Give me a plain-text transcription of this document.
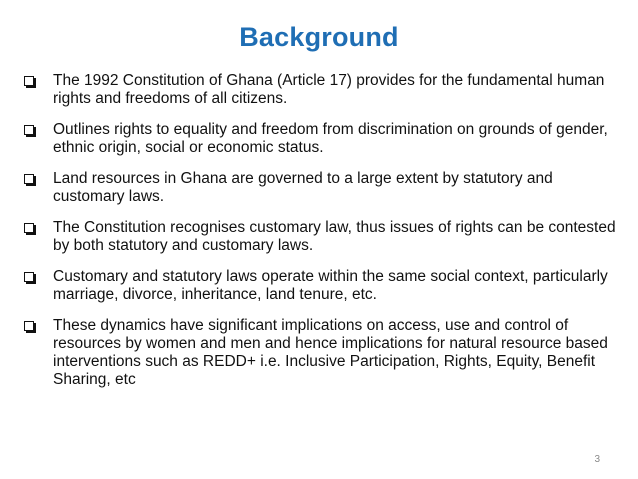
Background
The 1992 Constitution of Ghana (Article 17) provides for the fundamental human rights and freedoms of all citizens.
Outlines rights to equality and freedom from discrimination on grounds of gender, ethnic origin, social or economic status.
Land resources in Ghana are governed to a large extent by statutory and customary laws.
The Constitution recognises customary law, thus issues of rights can be contested by both statutory and customary laws.
Customary and statutory laws operate within the same social context, particularly marriage, divorce, inheritance, land tenure, etc.
These dynamics have significant implications on access, use and control of resources by women and men and hence implications for natural resource based interventions such as REDD+ i.e. Inclusive Participation, Rights, Equity, Benefit Sharing, etc
3
